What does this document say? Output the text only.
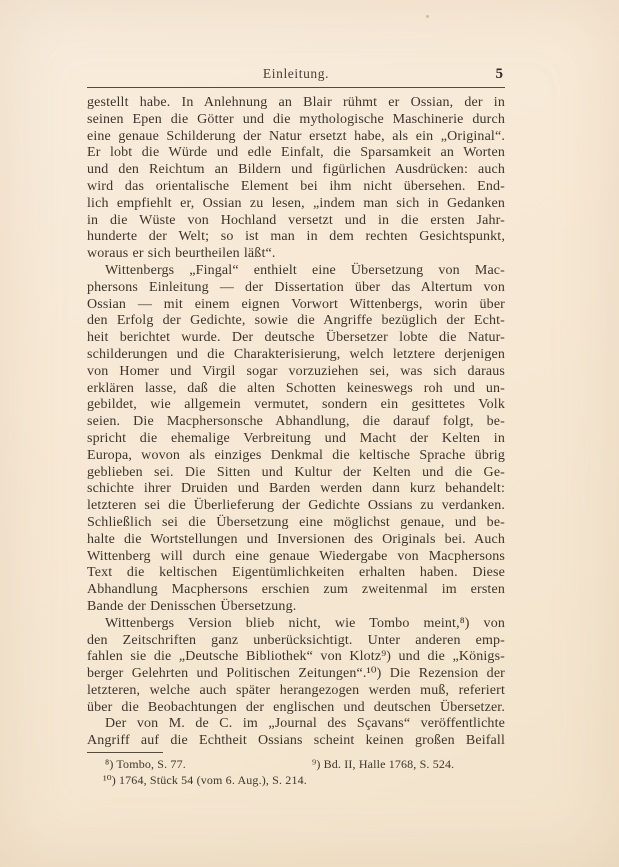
Einleitung.	5
gestellt habe. In Anlehnung an Blair rühmt er Ossian, der in
seinen Epen die Götter und die mythologische Maschinerie durch
eine genaue Schilderung der Natur ersetzt habe, als ein „Original“.
Er lobt die Würde und edle Einfalt, die Sparsamkeit an Worten
und den Reichtum an Bildern und figürlichen Ausdrücken: auch
wird das orientalische Element bei ihm nicht übersehen. End-
lich empfiehlt er, Ossian zu lesen, „indem man sich in Gedanken
in die Wüste von Hochland versetzt und in die ersten Jahr-
hunderte der Welt; so ist man in dem rechten Gesichtspunkt,
woraus er sich beurtheilen läßt“.
Wittenbergs „Fingal“ enthielt eine Übersetzung von Mac-
phersons Einleitung — der Dissertation über das Altertum von
Ossian — mit einem eignen Vorwort Wittenbergs, worin über
den Erfolg der Gedichte, sowie die Angriffe bezüglich der Echt-
heit berichtet wurde. Der deutsche Übersetzer lobte die Natur-
schilderungen und die Charakterisierung, welch letztere derjenigen
von Homer und Virgil sogar vorzuziehen sei, was sich daraus
erklären lasse, daß die alten Schotten keineswegs roh und un-
gebildet, wie allgemein vermutet, sondern ein gesittetes Volk
seien. Die Macphersonsche Abhandlung, die darauf folgt, be-
spricht die ehemalige Verbreitung und Macht der Kelten in
Europa, wovon als einziges Denkmal die keltische Sprache übrig
geblieben sei. Die Sitten und Kultur der Kelten und die Ge-
schichte ihrer Druiden und Barden werden dann kurz behandelt:
letzteren sei die Überlieferung der Gedichte Ossians zu verdanken.
Schließlich sei die Übersetzung eine möglichst genaue, und be-
halte die Wortstellungen und Inversionen des Originals bei. Auch
Wittenberg will durch eine genaue Wiedergabe von Macphersons
Text die keltischen Eigentümlichkeiten erhalten haben. Diese
Abhandlung Macphersons erschien zum zweitenmal im ersten
Bande der Denisschen Übersetzung.
Wittenbergs Version blieb nicht, wie Tombo meint,⁸) von
den Zeitschriften ganz unberücksichtigt. Unter anderen emp-
fahlen sie die „Deutsche Bibliothek“ von Klotz⁹) und die „Königs-
berger Gelehrten und Politischen Zeitungen“.¹⁰) Die Rezension der
letzteren, welche auch später herangezogen werden muß, referiert
über die Beobachtungen der englischen und deutschen Übersetzer.
Der von M. de C. im „Journal des Sçavans“ veröffentlichte
Angriff auf die Echtheit Ossians scheint keinen großen Beifall
⁸) Tombo, S. 77.	⁹) Bd. II, Halle 1768, S. 524.
¹⁰) 1764, Stück 54 (vom 6. Aug.), S. 214.
